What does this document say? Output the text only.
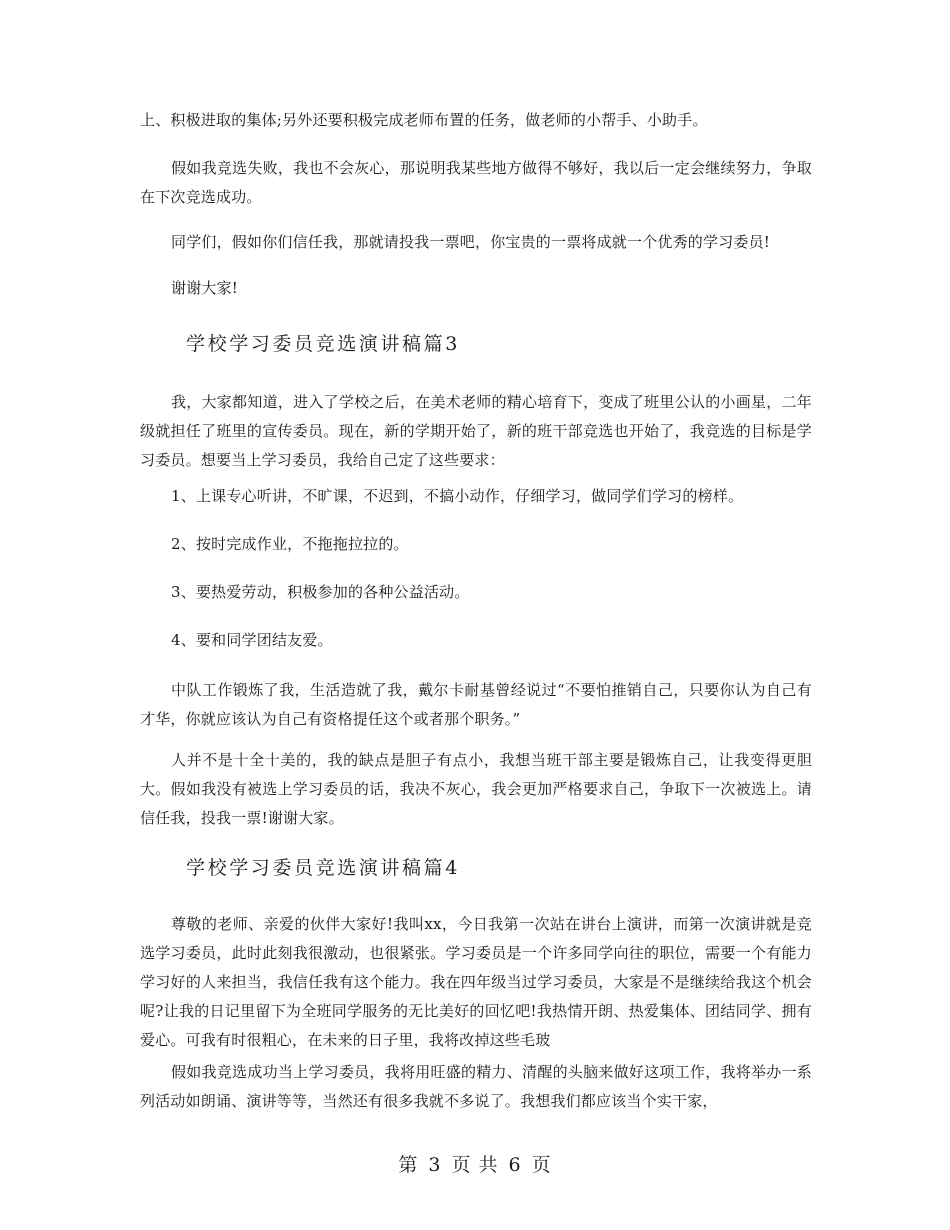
上、积极进取的集体;另外还要积极完成老师布置的任务，做老师的小帮手、小助手。

假如我竞选失败，我也不会灰心，那说明我某些地方做得不够好，我以后一定会继续努力，争取在下次竞选成功。

同学们，假如你们信任我，那就请投我一票吧，你宝贵的一票将成就一个优秀的学习委员!

谢谢大家!

学校学习委员竞选演讲稿篇3

我，大家都知道，进入了学校之后，在美术老师的精心培育下，变成了班里公认的小画星，二年级就担任了班里的宣传委员。现在，新的学期开始了，新的班干部竞选也开始了，我竞选的目标是学习委员。想要当上学习委员，我给自己定了这些要求：

1、上课专心听讲，不旷课，不迟到，不搞小动作，仔细学习，做同学们学习的榜样。

2、按时完成作业，不拖拖拉拉的。

3、要热爱劳动，积极参加的各种公益活动。

4、要和同学团结友爱。

中队工作锻炼了我，生活造就了我，戴尔卡耐基曾经说过“不要怕推销自己，只要你认为自己有才华，你就应该认为自己有资格提任这个或者那个职务。”

人并不是十全十美的，我的缺点是胆子有点小，我想当班干部主要是锻炼自己，让我变得更胆大。假如我没有被选上学习委员的话，我决不灰心，我会更加严格要求自己，争取下一次被选上。请信任我，投我一票!谢谢大家。

学校学习委员竞选演讲稿篇4

尊敬的老师、亲爱的伙伴大家好!我叫xx，今日我第一次站在讲台上演讲，而第一次演讲就是竞选学习委员，此时此刻我很激动，也很紧张。学习委员是一个许多同学向往的职位，需要一个有能力学习好的人来担当，我信任我有这个能力。我在四年级当过学习委员，大家是不是继续给我这个机会呢?让我的日记里留下为全班同学服务的无比美好的回忆吧!我热情开朗、热爱集体、团结同学、拥有爱心。可我有时很粗心，在未来的日子里，我将改掉这些毛玻

假如我竞选成功当上学习委员，我将用旺盛的精力、清醒的头脑来做好这项工作，我将举办一系列活动如朗诵、演讲等等，当然还有很多我就不多说了。我想我们都应该当个实干家，

第 3 页 共 6 页
